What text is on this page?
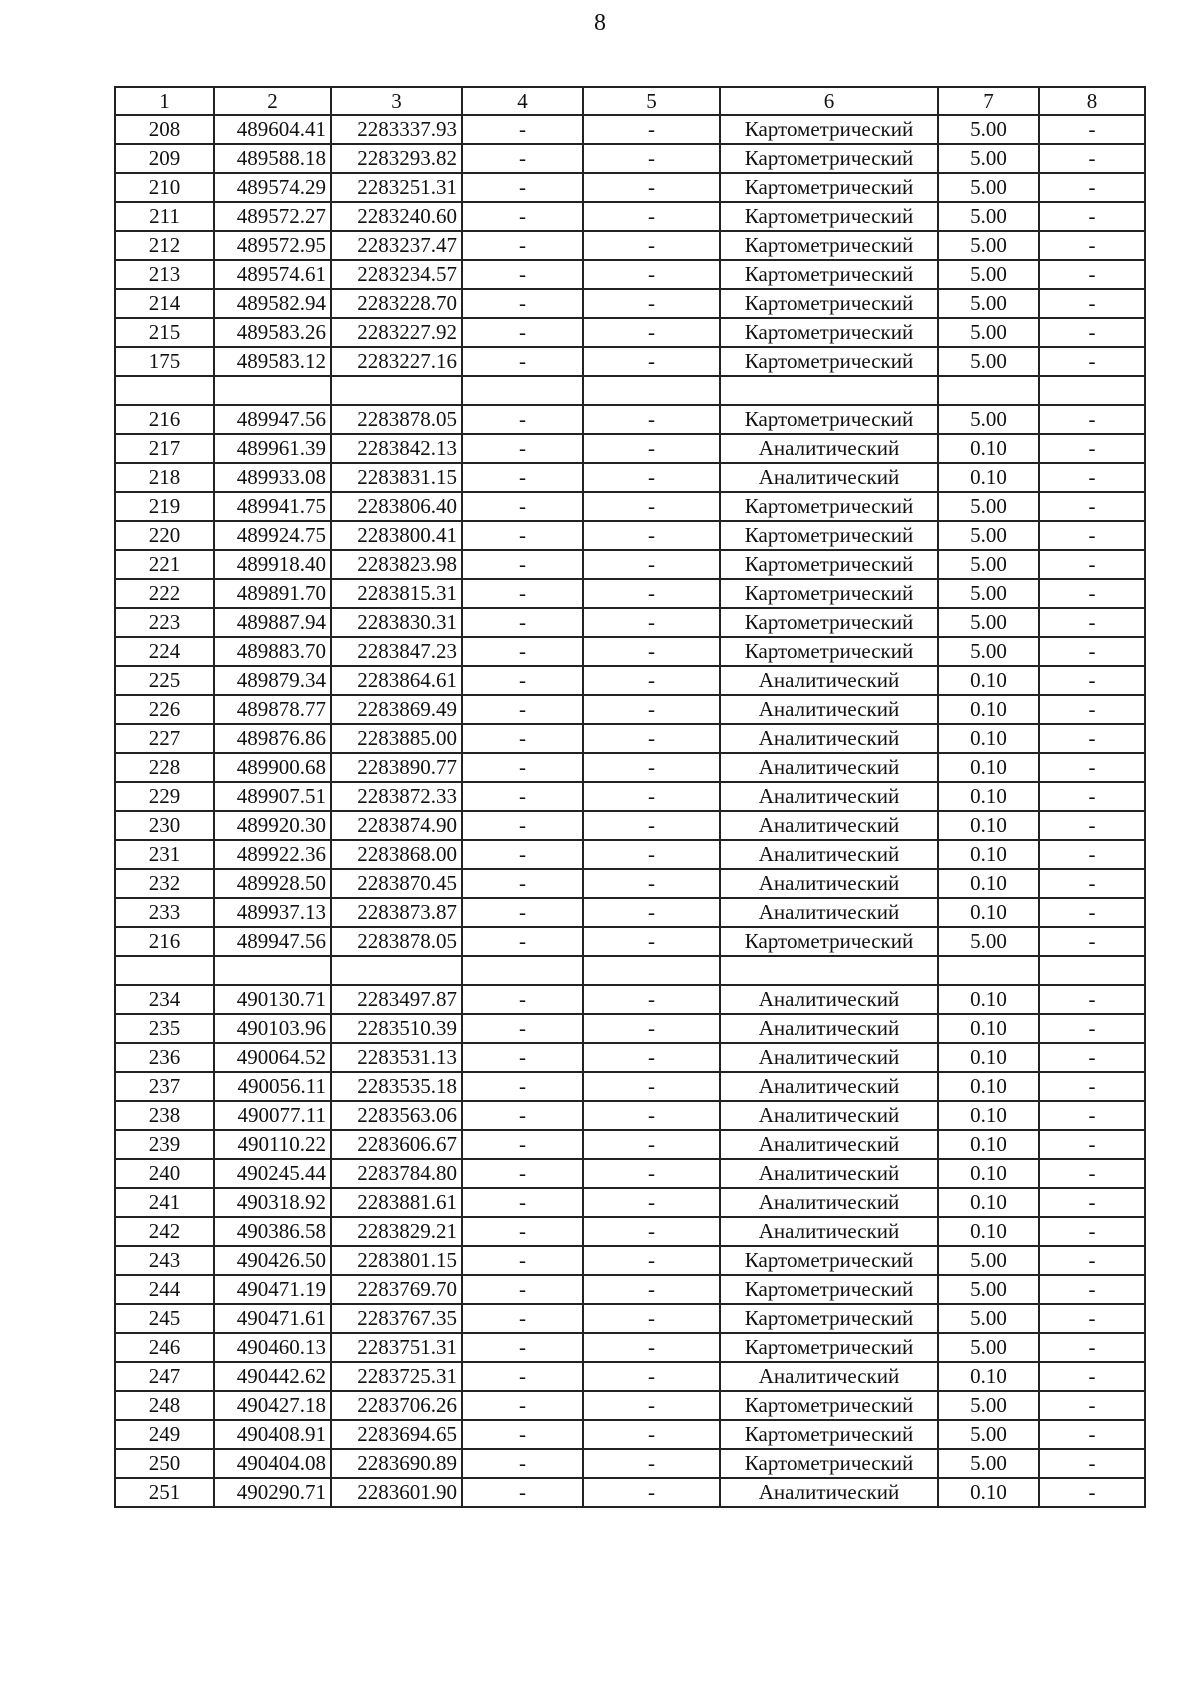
8
1	2	3	4	5	6	7	8
208	489604.41	2283337.93	-	-	Картометрический	5.00	-
209	489588.18	2283293.82	-	-	Картометрический	5.00	-
210	489574.29	2283251.31	-	-	Картометрический	5.00	-
211	489572.27	2283240.60	-	-	Картометрический	5.00	-
212	489572.95	2283237.47	-	-	Картометрический	5.00	-
213	489574.61	2283234.57	-	-	Картометрический	5.00	-
214	489582.94	2283228.70	-	-	Картометрический	5.00	-
215	489583.26	2283227.92	-	-	Картометрический	5.00	-
175	489583.12	2283227.16	-	-	Картометрический	5.00	-

216	489947.56	2283878.05	-	-	Картометрический	5.00	-
217	489961.39	2283842.13	-	-	Аналитический	0.10	-
218	489933.08	2283831.15	-	-	Аналитический	0.10	-
219	489941.75	2283806.40	-	-	Картометрический	5.00	-
220	489924.75	2283800.41	-	-	Картометрический	5.00	-
221	489918.40	2283823.98	-	-	Картометрический	5.00	-
222	489891.70	2283815.31	-	-	Картометрический	5.00	-
223	489887.94	2283830.31	-	-	Картометрический	5.00	-
224	489883.70	2283847.23	-	-	Картометрический	5.00	-
225	489879.34	2283864.61	-	-	Аналитический	0.10	-
226	489878.77	2283869.49	-	-	Аналитический	0.10	-
227	489876.86	2283885.00	-	-	Аналитический	0.10	-
228	489900.68	2283890.77	-	-	Аналитический	0.10	-
229	489907.51	2283872.33	-	-	Аналитический	0.10	-
230	489920.30	2283874.90	-	-	Аналитический	0.10	-
231	489922.36	2283868.00	-	-	Аналитический	0.10	-
232	489928.50	2283870.45	-	-	Аналитический	0.10	-
233	489937.13	2283873.87	-	-	Аналитический	0.10	-
216	489947.56	2283878.05	-	-	Картометрический	5.00	-

234	490130.71	2283497.87	-	-	Аналитический	0.10	-
235	490103.96	2283510.39	-	-	Аналитический	0.10	-
236	490064.52	2283531.13	-	-	Аналитический	0.10	-
237	490056.11	2283535.18	-	-	Аналитический	0.10	-
238	490077.11	2283563.06	-	-	Аналитический	0.10	-
239	490110.22	2283606.67	-	-	Аналитический	0.10	-
240	490245.44	2283784.80	-	-	Аналитический	0.10	-
241	490318.92	2283881.61	-	-	Аналитический	0.10	-
242	490386.58	2283829.21	-	-	Аналитический	0.10	-
243	490426.50	2283801.15	-	-	Картометрический	5.00	-
244	490471.19	2283769.70	-	-	Картометрический	5.00	-
245	490471.61	2283767.35	-	-	Картометрический	5.00	-
246	490460.13	2283751.31	-	-	Картометрический	5.00	-
247	490442.62	2283725.31	-	-	Аналитический	0.10	-
248	490427.18	2283706.26	-	-	Картометрический	5.00	-
249	490408.91	2283694.65	-	-	Картометрический	5.00	-
250	490404.08	2283690.89	-	-	Картометрический	5.00	-
251	490290.71	2283601.90	-	-	Аналитический	0.10	-
